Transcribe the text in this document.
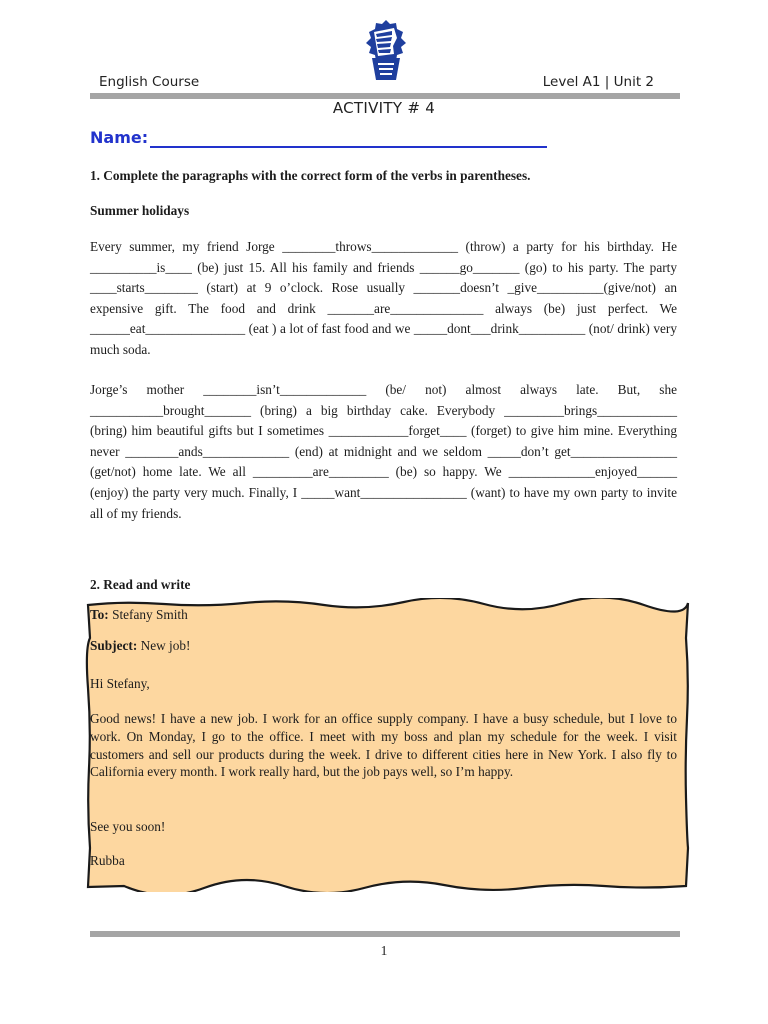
English Course	Level A1 | Unit 2
ACTIVITY # 4
Name:
1. Complete the paragraphs with the correct form of the verbs in parentheses.
Summer holidays
Every summer, my friend Jorge ________throws_____________ (throw) a party for his birthday. He __________is____ (be) just 15. All his family and friends ______go_______ (go) to his party. The party ____starts________ (start) at 9 o’clock. Rose usually _______doesn’t _give__________(give/not) an expensive gift. The food and drink _______are______________ always (be) just perfect. We ______eat_______________ (eat ) a lot of fast food and we _____dont___drink__________ (not/ drink) very much soda.
Jorge’s mother ________isn’t_____________ (be/ not) almost always late. But, she ___________brought_______ (bring) a big birthday cake. Everybody _________brings____________ (bring) him beautiful gifts but I sometimes ____________forget____ (forget) to give him mine. Everything never ________ands_____________ (end) at midnight and we seldom _____don’t get________________ (get/not) home late. We all _________are_________ (be) so happy. We _____________enjoyed______ (enjoy) the party very much. Finally, I _____want________________ (want) to have my own party to invite all of my friends.
2. Read and write

To: Stefany Smith

Subject: New job!

Hi Stefany,

Good news! I have a new job. I work for an office supply company. I have a busy schedule, but I love to work. On Monday, I go to the office. I meet with my boss and plan my schedule for the week. I visit customers and sell our products during the week. I drive to different cities here in New York. I also fly to California every month. I work really hard, but the job pays well, so I’m happy.

See you soon!

Rubba

1
